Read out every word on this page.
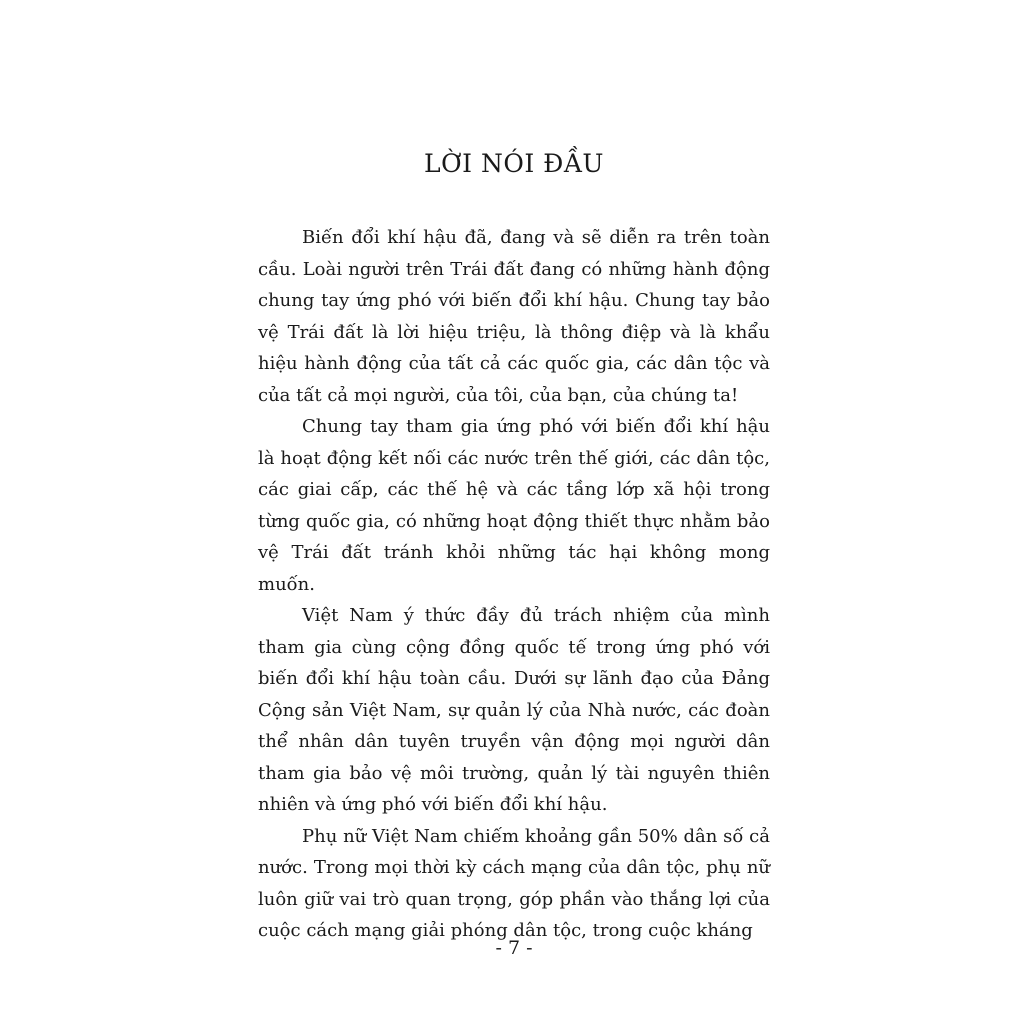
LỜI NÓI ĐẦU

Biến đổi khí hậu đã, đang và sẽ diễn ra trên toàn cầu. Loài người trên Trái đất đang có những hành động chung tay ứng phó với biến đổi khí hậu. Chung tay bảo vệ Trái đất là lời hiệu triệu, là thông điệp và là khẩu hiệu hành động của tất cả các quốc gia, các dân tộc và của tất cả mọi người, của tôi, của bạn, của chúng ta!

Chung tay tham gia ứng phó với biến đổi khí hậu là hoạt động kết nối các nước trên thế giới, các dân tộc, các giai cấp, các thế hệ và các tầng lớp xã hội trong từng quốc gia, có những hoạt động thiết thực nhằm bảo vệ Trái đất tránh khỏi những tác hại không mong muốn.

Việt Nam ý thức đầy đủ trách nhiệm của mình tham gia cùng cộng đồng quốc tế trong ứng phó với biến đổi khí hậu toàn cầu. Dưới sự lãnh đạo của Đảng Cộng sản Việt Nam, sự quản lý của Nhà nước, các đoàn thể nhân dân tuyên truyền vận động mọi người dân tham gia bảo vệ môi trường, quản lý tài nguyên thiên nhiên và ứng phó với biến đổi khí hậu.

Phụ nữ Việt Nam chiếm khoảng gần 50% dân số cả nước. Trong mọi thời kỳ cách mạng của dân tộc, phụ nữ luôn giữ vai trò quan trọng, góp phần vào thắng lợi của cuộc cách mạng giải phóng dân tộc, trong cuộc kháng

- 7 -
